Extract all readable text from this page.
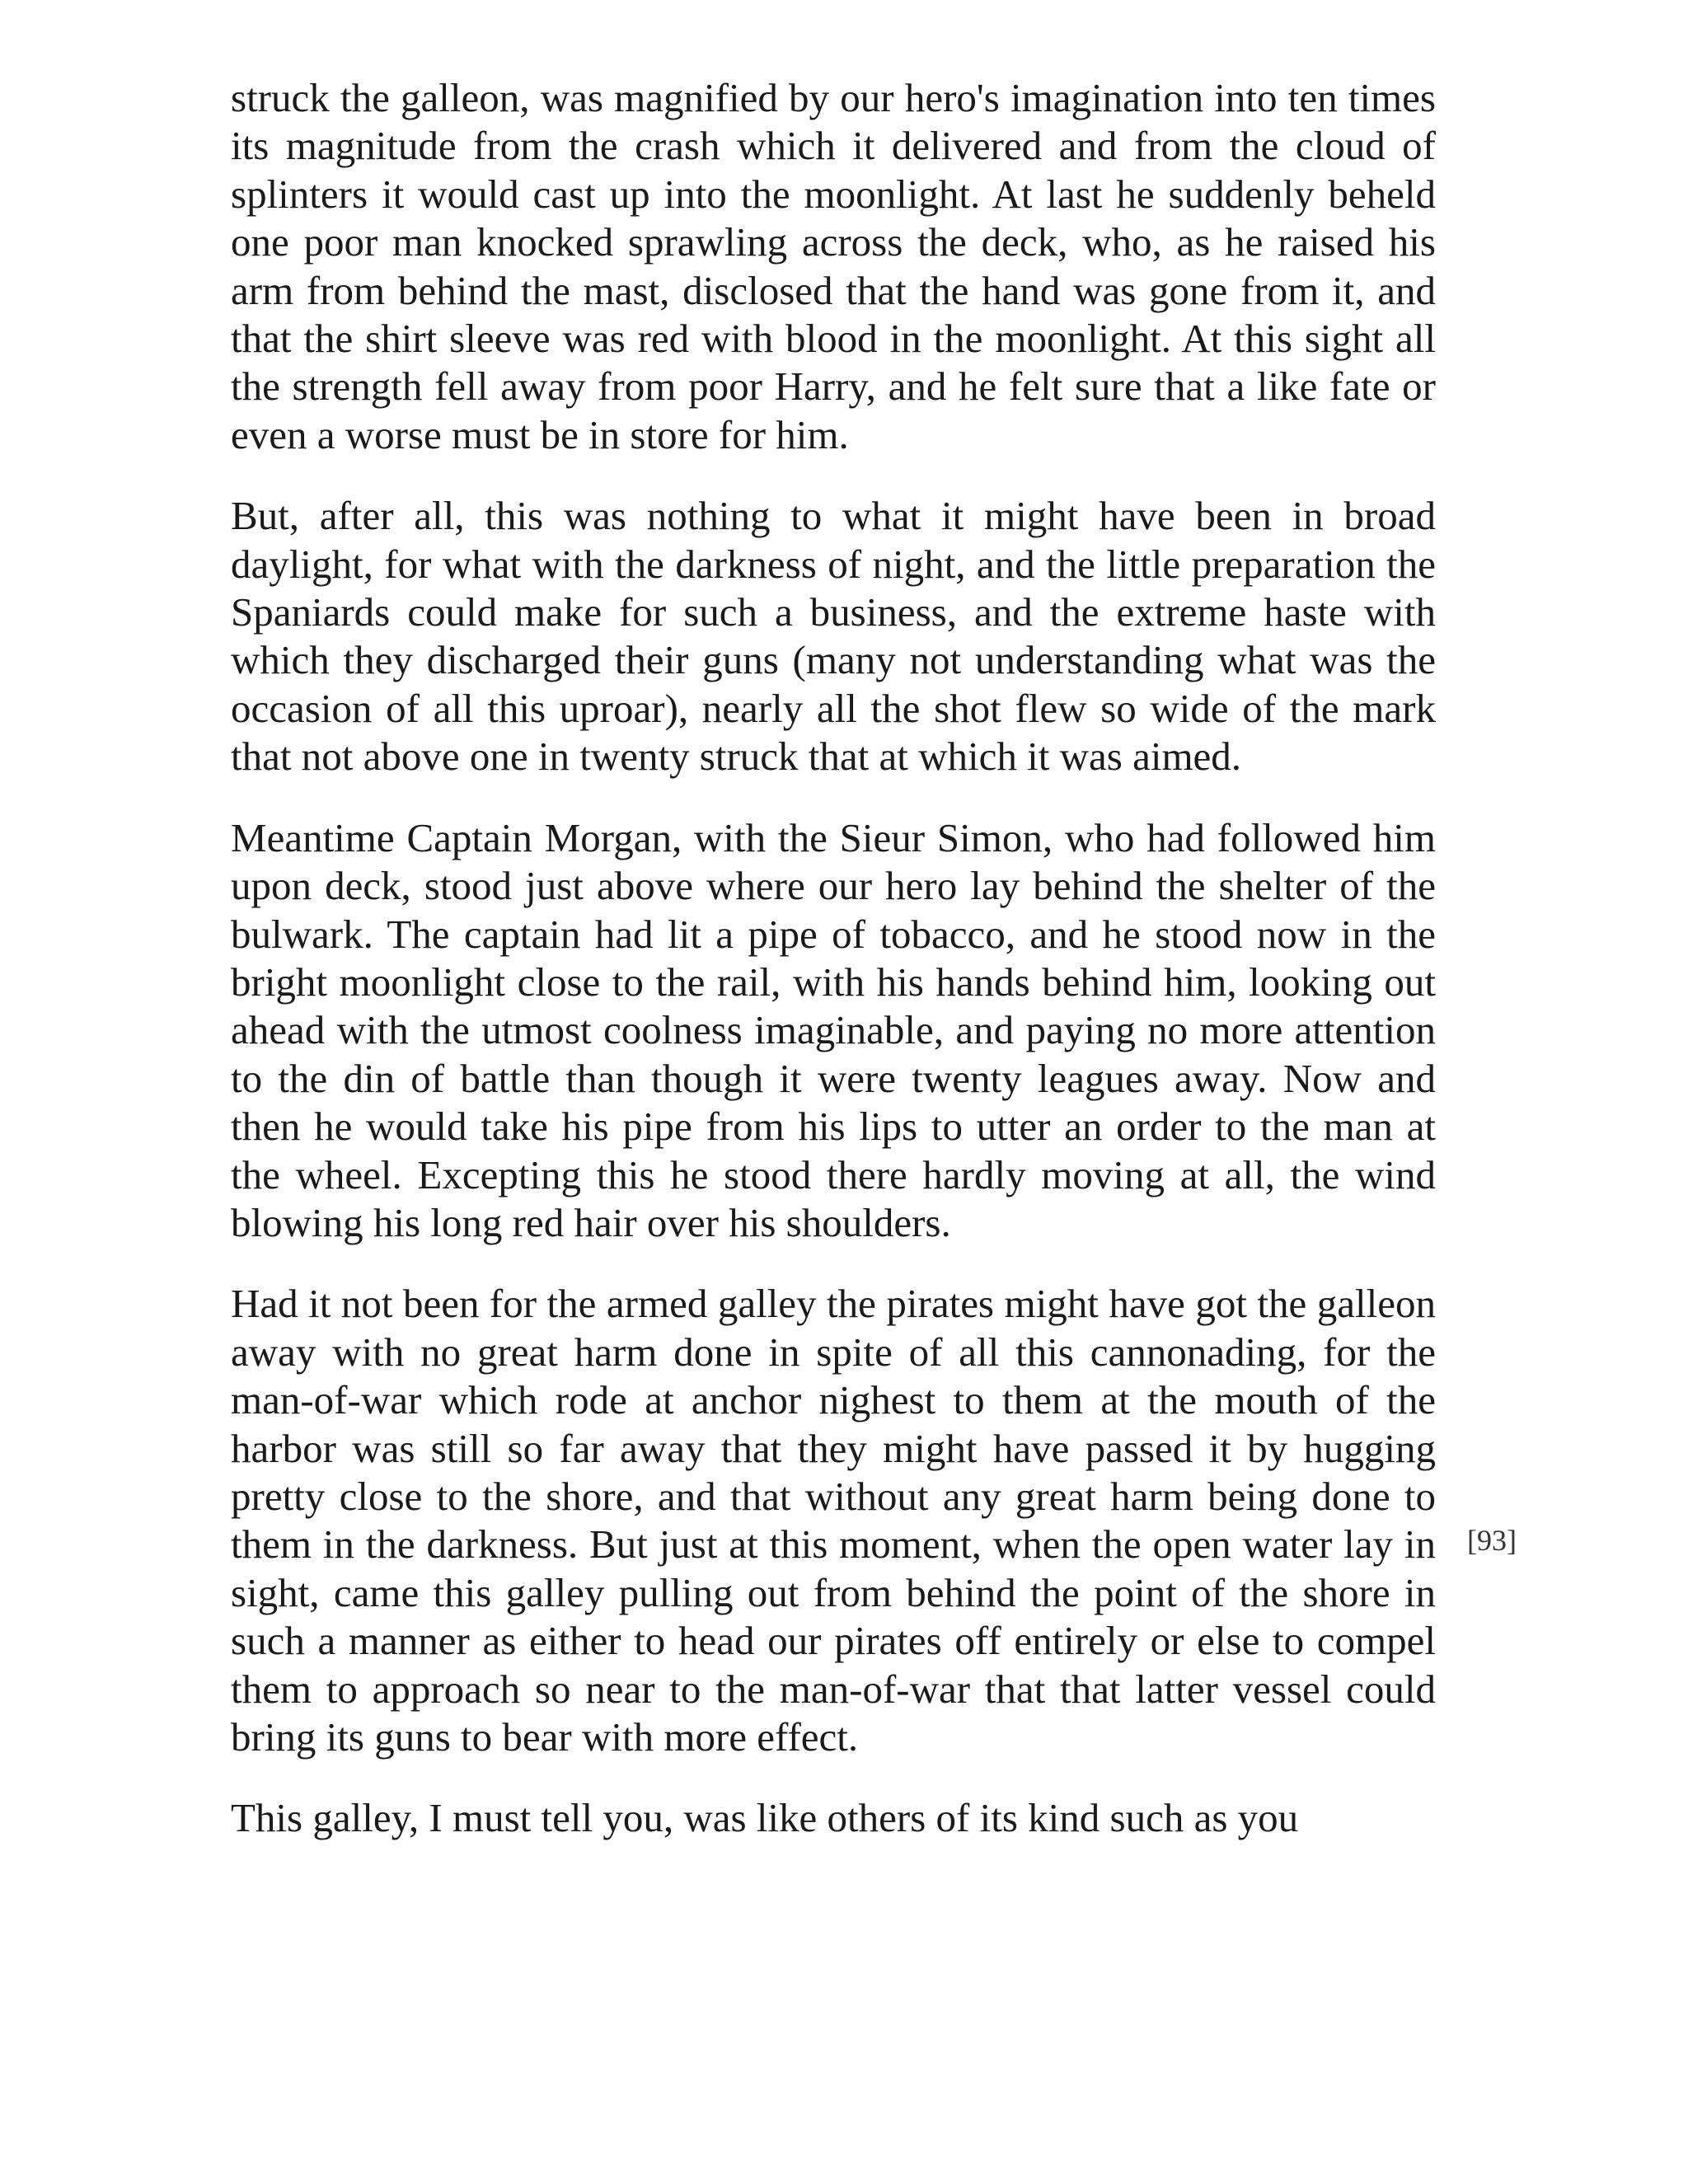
struck the galleon, was magnified by our hero's imagination into ten times its magnitude from the crash which it delivered and from the cloud of splinters it would cast up into the moonlight. At last he suddenly beheld one poor man knocked sprawling across the deck, who, as he raised his arm from behind the mast, disclosed that the hand was gone from it, and that the shirt sleeve was red with blood in the moonlight. At this sight all the strength fell away from poor Harry, and he felt sure that a like fate or even a worse must be in store for him.

But, after all, this was nothing to what it might have been in broad daylight, for what with the darkness of night, and the little preparation the Spaniards could make for such a business, and the extreme haste with which they discharged their guns (many not understanding what was the occasion of all this uproar), nearly all the shot flew so wide of the mark that not above one in twenty struck that at which it was aimed.

Meantime Captain Morgan, with the Sieur Simon, who had followed him upon deck, stood just above where our hero lay behind the shelter of the bulwark. The captain had lit a pipe of tobacco, and he stood now in the bright moonlight close to the rail, with his hands behind him, looking out ahead with the utmost coolness imaginable, and paying no more attention to the din of battle than though it were twenty leagues away. Now and then he would take his pipe from his lips to utter an order to the man at the wheel. Excepting this he stood there hardly moving at all, the wind blowing his long red hair over his shoulders.

Had it not been for the armed galley the pirates might have got the galleon away with no great harm done in spite of all this cannonading, for the man-of-war which rode at anchor nighest to them at the mouth of the harbor was still so far away that they might have passed it by hugging pretty close to the shore, and that without any great harm being done to them in the darkness. But just at this moment, when the open water lay in sight, came this galley pulling out from behind the point of the shore in such a manner as either to head our pirates off entirely or else to compel them to approach so near to the man-of-war that that latter vessel could bring its guns to bear with more effect.

This galley, I must tell you, was like others of its kind such as you

[93]
